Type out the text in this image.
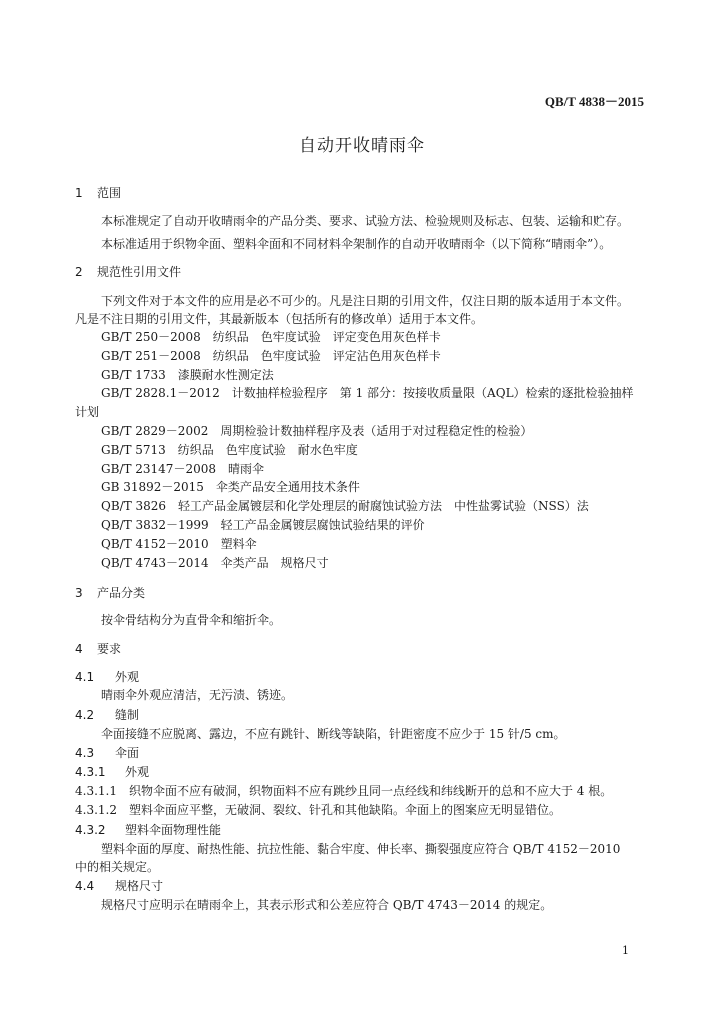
QB/T 4838－2015
自动开收晴雨伞
1 范围
本标准规定了自动开收晴雨伞的产品分类、要求、试验方法、检验规则及标志、包装、运输和贮存。
本标准适用于织物伞面、塑料伞面和不同材料伞架制作的自动开收晴雨伞（以下简称“晴雨伞”）。
2 规范性引用文件
下列文件对于本文件的应用是必不可少的。凡是注日期的引用文件，仅注日期的版本适用于本文件。
凡是不注日期的引用文件，其最新版本（包括所有的修改单）适用于本文件。
GB/T 250－2008　纺织品　色牢度试验　评定变色用灰色样卡
GB/T 251－2008　纺织品　色牢度试验　评定沾色用灰色样卡
GB/T 1733　漆膜耐水性测定法
GB/T 2828.1－2012　计数抽样检验程序　第 1 部分：按接收质量限（AQL）检索的逐批检验抽样
计划
GB/T 2829－2002　周期检验计数抽样程序及表（适用于对过程稳定性的检验）
GB/T 5713　纺织品　色牢度试验　耐水色牢度
GB/T 23147－2008　晴雨伞
GB 31892－2015　伞类产品安全通用技术条件
QB/T 3826　轻工产品金属镀层和化学处理层的耐腐蚀试验方法　中性盐雾试验（NSS）法
QB/T 3832－1999　轻工产品金属镀层腐蚀试验结果的评价
QB/T 4152－2010　塑料伞
QB/T 4743－2014　伞类产品　规格尺寸
3 产品分类
按伞骨结构分为直骨伞和缩折伞。
4 要求
4.1 外观
晴雨伞外观应清洁，无污渍、锈迹。
4.2 缝制
伞面接缝不应脱离、露边，不应有跳针、断线等缺陷，针距密度不应少于 15 针/5 cm。
4.3 伞面
4.3.1 外观
4.3.1.1　织物伞面不应有破洞，织物面料不应有跳纱且同一点经线和纬线断开的总和不应大于 4 根。
4.3.1.2　塑料伞面应平整，无破洞、裂纹、针孔和其他缺陷。伞面上的图案应无明显错位。
4.3.2 塑料伞面物理性能
塑料伞面的厚度、耐热性能、抗拉性能、黏合牢度、伸长率、撕裂强度应符合 QB/T 4152－2010
中的相关规定。
4.4 规格尺寸
规格尺寸应明示在晴雨伞上，其表示形式和公差应符合 QB/T 4743－2014 的规定。
1
